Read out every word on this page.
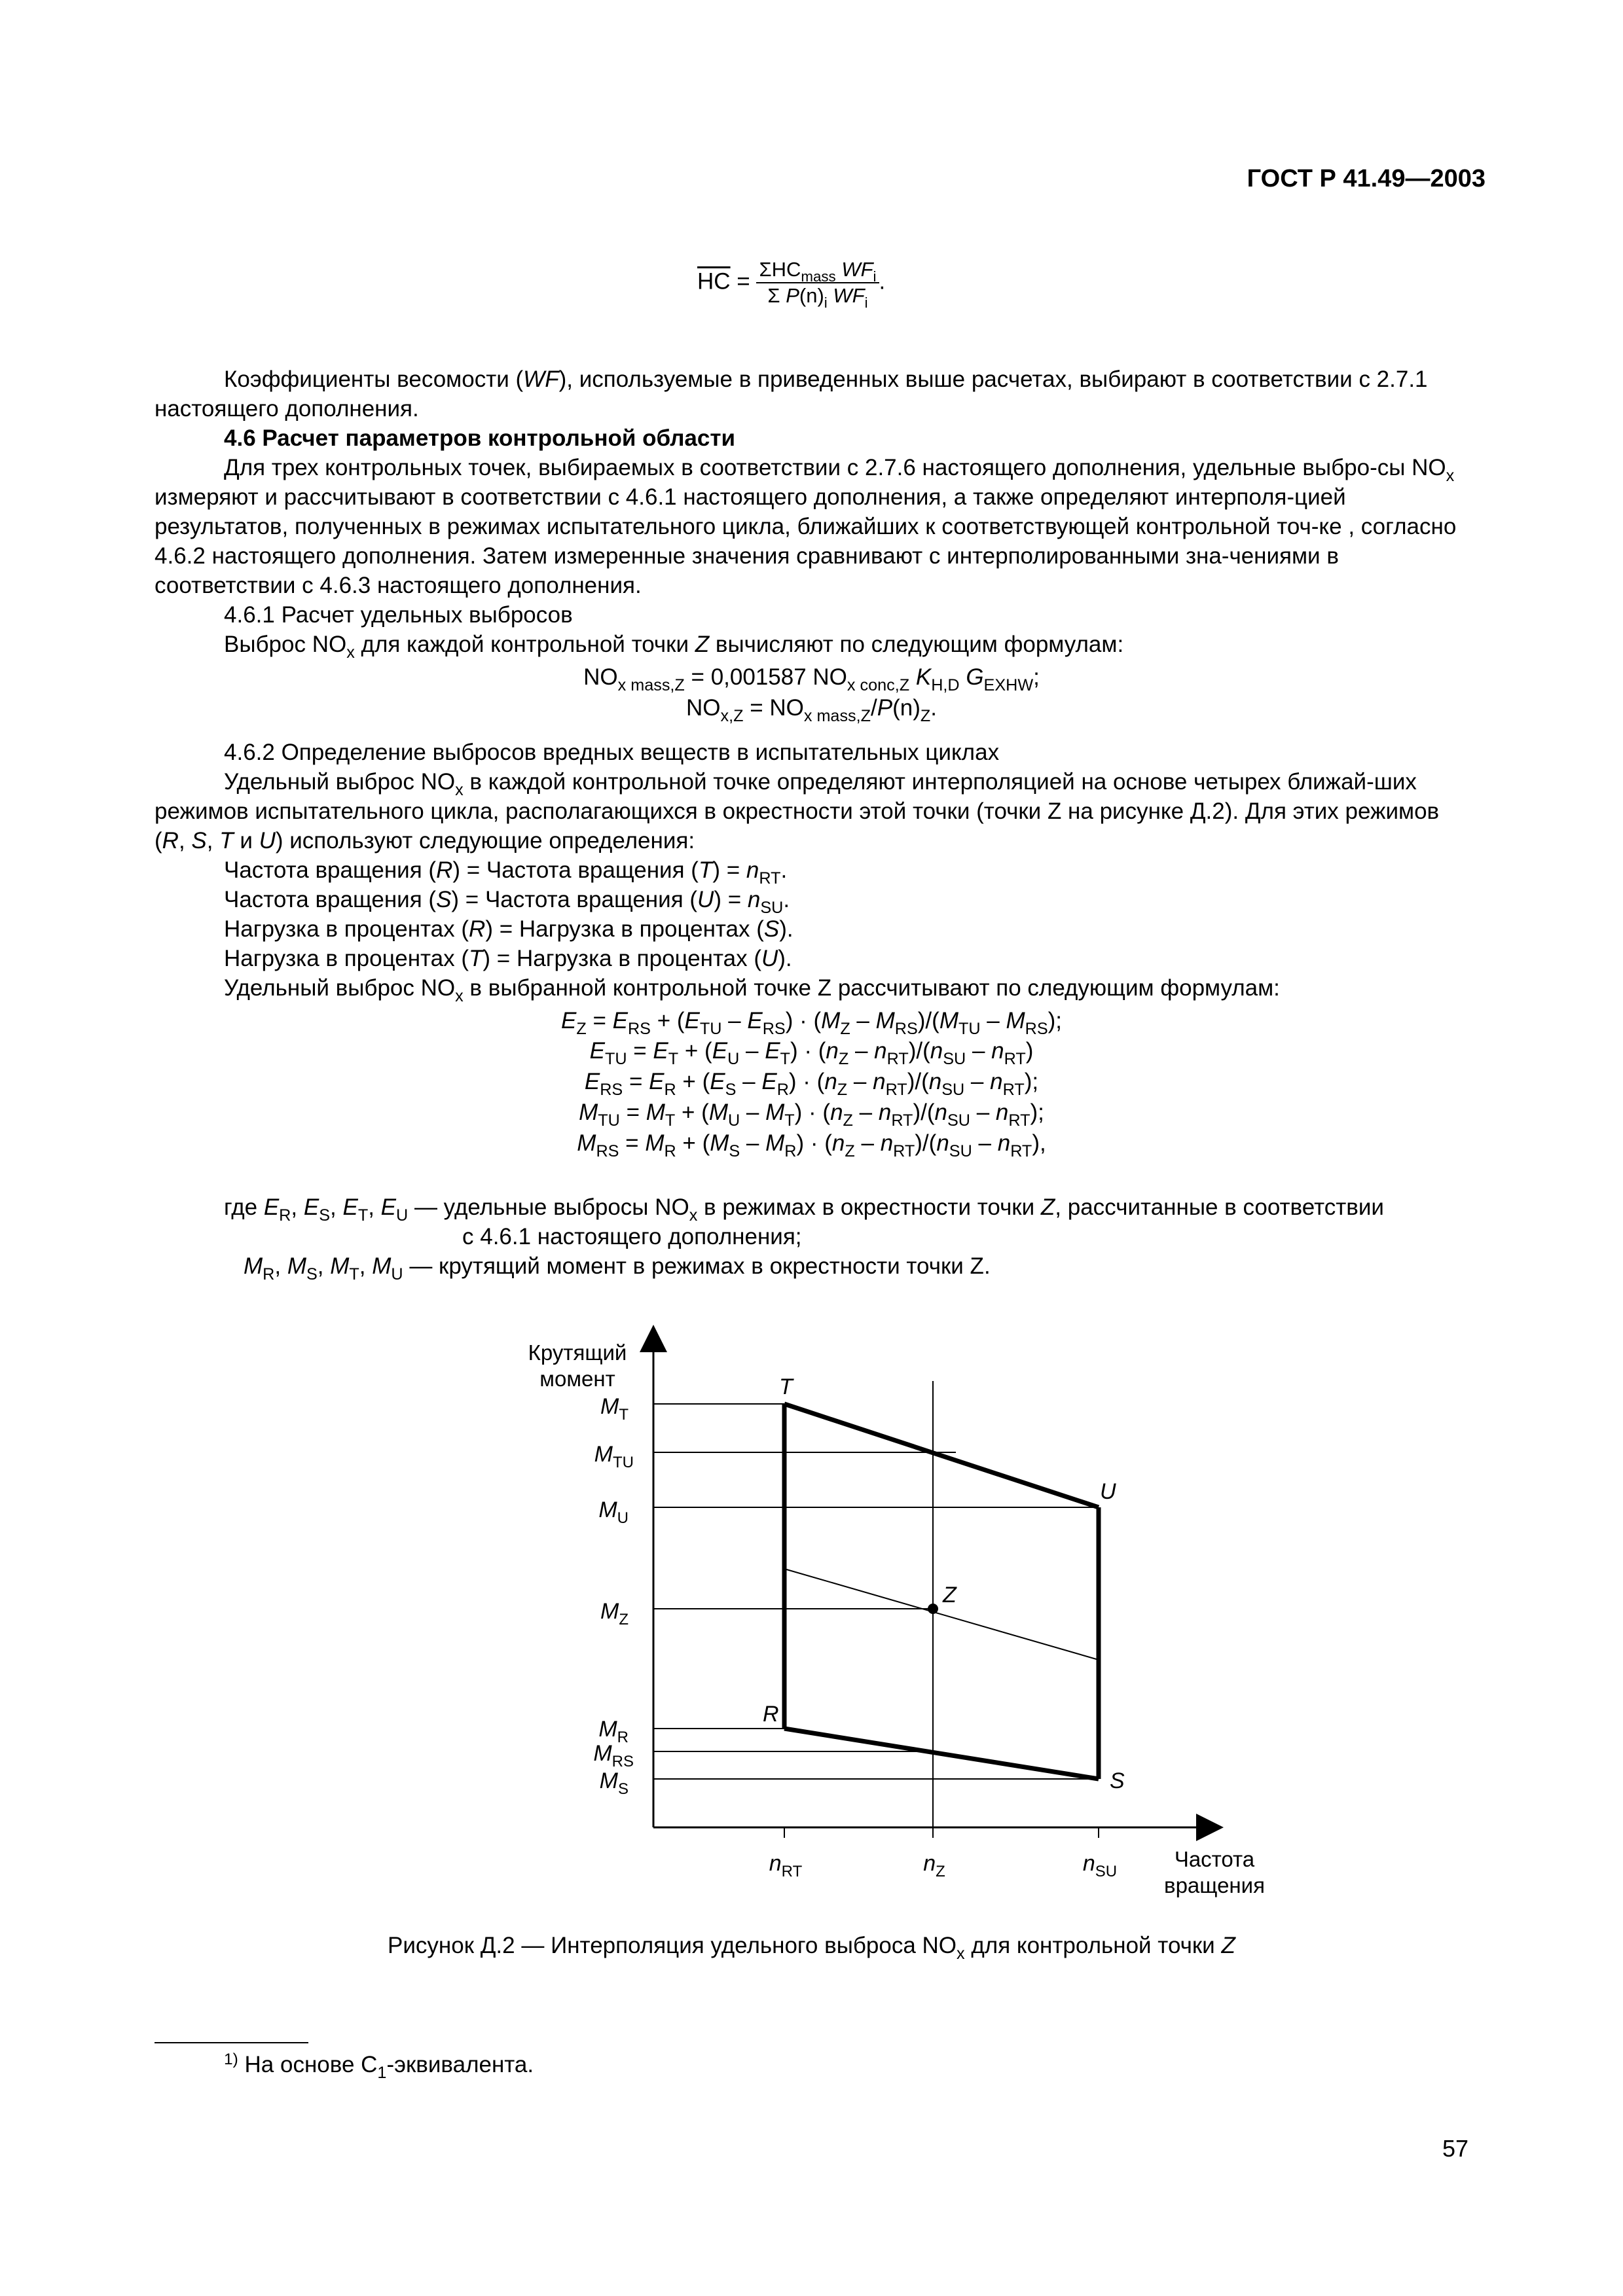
ГОСТ Р 41.49—2003
$\overline{HC} = \frac{\Sigma HC_{mass} WF_i}{\Sigma P(n)_i WF_i}$ .

Коэффициенты весомости (WF), используемые в приведенных выше расчетах, выбирают в соответствии с 2.7.1 настоящего дополнения.

4.6 Расчет параметров контрольной области

Для трех контрольных точек, выбираемых в соответствии с 2.7.6 настоящего дополнения, удельные выбро-сы $NO_x$ измеряют и рассчитывают в соответствии с 4.6.1 настоящего дополнения, а также определяют интерполя-цией результатов, полученных в режимах испытательного цикла, ближайших к соответствующей контрольной точ-ке , согласно 4.6.2 настоящего дополнения. Затем измеренные значения сравнивают с интерполированными зна-чениями в соответствии с 4.6.3 настоящего дополнения.

4.6.1 Расчет удельных выбросов
Выброс $NO_x$ для каждой контрольной точки Z вычисляют по следующим формулам:
$NO_{x mass,Z} = 0,001587$ $NO_{x conc,Z}$ $K_{H,D}$ $G_{EXHW}$;
$NO_{x,Z} = NO_{x mass,Z}/P(n)_Z$.
4.6.2 Определение выбросов вредных веществ в испытательных циклах

Удельный выброс $NO_x$ в каждой контрольной точке определяют интерполяцией на основе четырех ближай-ших режимов испытательного цикла, располагающихся в окрестности этой точки (точки Z на рисунке Д.2). Для этих режимов (R, S, T и U) используют следующие определения:

Частота вращения (R) = Частота вращения $(T) = n_{RT}$.
Частота вращения (S) = Частота вращения $(U) = n_{SU}$.
Нагрузка в процентах (R) = Нагрузка в процентах (S).
Нагрузка в процентах (T) = Нагрузка в процентах (U).
Удельный выброс $NO_x$ в выбранной контрольной точке Z рассчитывают по следующим формулам:
$E_Z = E_{RS} + (E_{TU} - E_{RS}) \cdot (M_Z - M_{RS})/(M_{TU} - M_{RS})$;
$E_{TU} = E_T + (E_U - E_T) \cdot (n_Z - n_{RT})/(n_{SU} - n_{RT})$
$E_{RS} = E_R + (E_S - E_R) \cdot (n_Z - n_{RT})/(n_{SU} - n_{RT})$;
$M_{TU} = M_T + (M_U - M_T) \cdot (n_Z - n_{RT})/(n_{SU} - n_{RT})$;
$M_{RS} = M_R + (M_S - M_R) \cdot (n_Z - n_{RT})/(n_{SU} - n_{RT})$,
где $E_R$, $E_S$, $E_T$, $E_U$ — удельные выбросы $NO_x$ в режимах в окрестности точки Z, рассчитанные в соответствии
с 4.6.1 настоящего дополнения;
$M_R$, $M_S$, $M_T$, $M_U$ — крутящий момент в режимах в окрестности точки Z.
Крутящий
момент
Частота
вращения
$M_T$
$M_{TU}$
$M_U$
$M_Z$
$M_R$
$M_{RS}$
$M_S$
$n_{RT}$	$n_Z$	$n_{SU}$
T
U
Z
R
S
Рисунок Д.2 — Интерполяция удельного выброса $NO_x$ для контрольной точки Z
$^{1)}$ На основе $С_1$-эквивалента.
57
